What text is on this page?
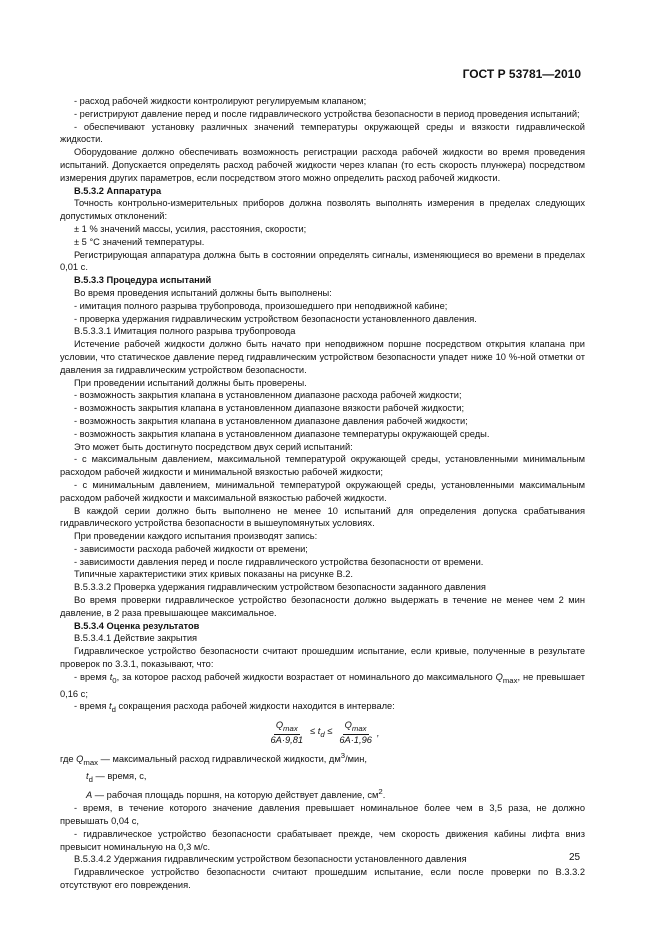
ГОСТ Р 53781—2010

- расход рабочей жидкости контролируют регулируемым клапаном;

- регистрируют давление перед и после гидравлического устройства безопасности в период проведения испытаний;

- обеспечивают установку различных значений температуры окружающей среды и вязкости гидравлической жидкости.

Оборудование должно обеспечивать возможность регистрации расхода рабочей жидкости во время проведения испытаний. Допускается определять расход рабочей жидкости через клапан (то есть скорость плунжера) посредством измерения других параметров, если посредством этого можно определить расход рабочей жидкости.

В.5.3.2 Аппаратура

Точность контрольно-измерительных приборов должна позволять выполнять измерения в пределах следующих допустимых отклонений:

± 1 % значений массы, усилия, расстояния, скорости;

± 5 °C значений температуры.

Регистрирующая аппаратура должна быть в состоянии определять сигналы, изменяющиеся во времени в пределах 0,01 с.

В.5.3.3 Процедура испытаний

Во время проведения испытаний должны быть выполнены:

- имитация полного разрыва трубопровода, произошедшего при неподвижной кабине;

- проверка удержания гидравлическим устройством безопасности установленного давления.

В.5.3.3.1 Имитация полного разрыва трубопровода

Истечение рабочей жидкости должно быть начато при неподвижном поршне посредством открытия клапана при условии, что статическое давление перед гидравлическим устройством безопасности упадет ниже 10 %-ной отметки от давления за гидравлическим устройством безопасности.

При проведении испытаний должны быть проверены.

- возможность закрытия клапана в установленном диапазоне расхода рабочей жидкости;

- возможность закрытия клапана в установленном диапазоне вязкости рабочей жидкости;

- возможность закрытия клапана в установленном диапазоне давления рабочей жидкости;

- возможность закрытия клапана в установленном диапазоне температуры окружающей среды.

Это может быть достигнуто посредством двух серий испытаний:

- с максимальным давлением, максимальной температурой окружающей среды, установленными минимальным расходом рабочей жидкости и минимальной вязкостью рабочей жидкости;

- с минимальным давлением, минимальной температурой окружающей среды, установленными максимальным расходом рабочей жидкости и максимальной вязкостью рабочей жидкости.

В каждой серии должно быть выполнено не менее 10 испытаний для определения допуска срабатывания гидравлического устройства безопасности в вышеупомянутых условиях.

При проведении каждого испытания производят запись:

- зависимости расхода рабочей жидкости от времени;

- зависимости давления перед и после гидравлического устройства безопасности от времени.

Типичные характеристики этих кривых показаны на рисунке В.2.

В.5.3.3.2 Проверка удержания гидравлическим устройством безопасности заданного давления

Во время проверки гидравлическое устройство безопасности должно выдержать в течение не менее чем 2 мин давление, в 2 раза превышающее максимальное.

В.5.3.4 Оценка результатов

В.5.3.4.1 Действие закрытия

Гидравлическое устройство безопасности считают прошедшим испытание, если кривые, полученные в результате проверок по 3.3.1, показывают, что:

- время $t_0$, за которое расход рабочей жидкости возрастает от номинального до максимального $Q_{max}$, не превышает 0,16 с;

- время $t_d$ сокращения расхода рабочей жидкости находится в интервале:

$\frac{Q_{max}}{6A\cdot 9,81} \le t_d \le \frac{Q_{max}}{6A\cdot 1,96}$ ,

где $Q_{max}$ — максимальный расход гидравлической жидкости, $дм^3$/мин,

$t_d$ — время, с,

A — рабочая площадь поршня, на которую действует давление, $см^2$.

- время, в течение которого значение давления превышает номинальное более чем в 3,5 раза, не должно превышать 0,04 с,

- гидравлическое устройство безопасности срабатывает прежде, чем скорость движения кабины лифта вниз превысит номинальную на 0,3 м/с.

В.5.3.4.2 Удержания гидравлическим устройством безопасности установленного давления

Гидравлическое устройство безопасности считают прошедшим испытание, если после проверки по В.3.3.2 отсутствуют его повреждения.

25
